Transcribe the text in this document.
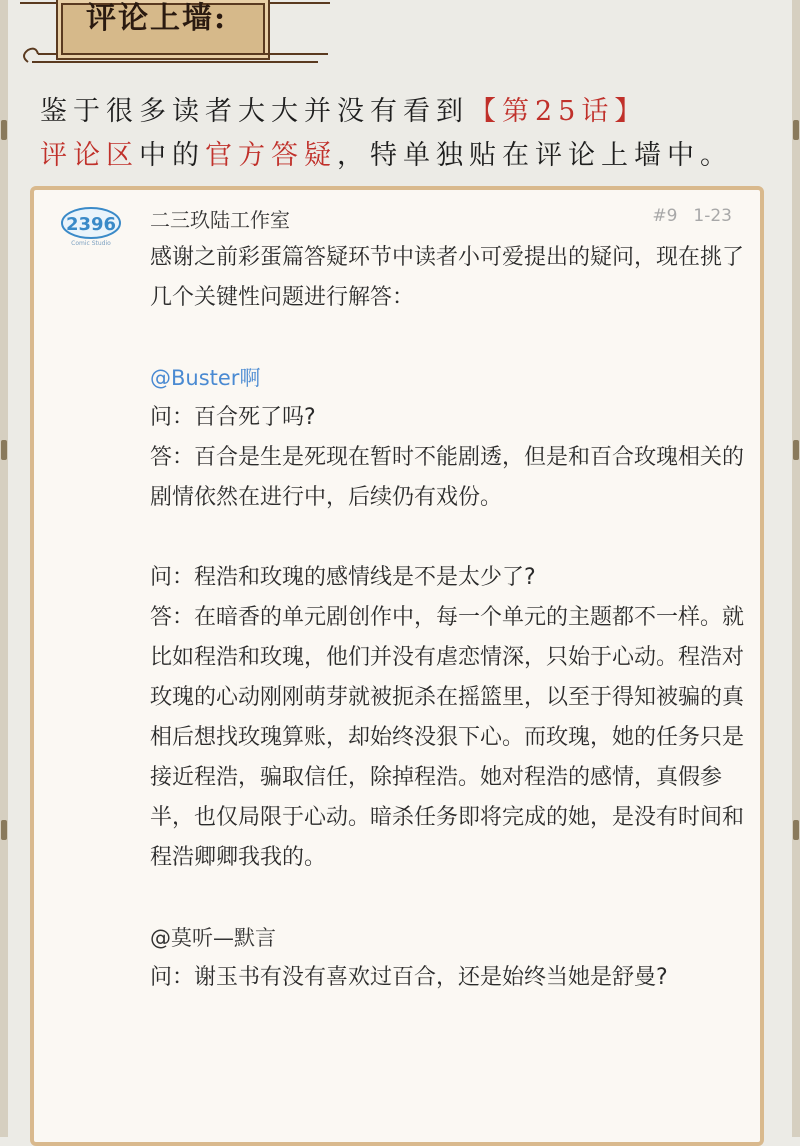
评论上墙:
鉴于很多读者大大并没有看到【第25话】
评论区中的官方答疑，特单独贴在评论上墙中。
2396
Comic Studio
二三玖陆工作室	#9 1-23

感谢之前彩蛋篇答疑环节中读者小可爱提出的疑问，现在挑了几个关键性问题进行解答：

@Buster啊

问：百合死了吗?

答：百合是生是死现在暂时不能剧透，但是和百合玫瑰相关的剧情依然在进行中，后续仍有戏份。

问：程浩和玫瑰的感情线是不是太少了?

答：在暗香的单元剧创作中，每一个单元的主题都不一样。就比如程浩和玫瑰，他们并没有虐恋情深，只始于心动。程浩对玫瑰的心动刚刚萌芽就被扼杀在摇篮里，以至于得知被骗的真相后想找玫瑰算账，却始终没狠下心。而玫瑰，她的任务只是接近程浩，骗取信任，除掉程浩。她对程浩的感情，真假参半，也仅局限于心动。暗杀任务即将完成的她，是没有时间和程浩卿卿我我的。

@莫听—默言

问：谢玉书有没有喜欢过百合，还是始终当她是舒曼?
